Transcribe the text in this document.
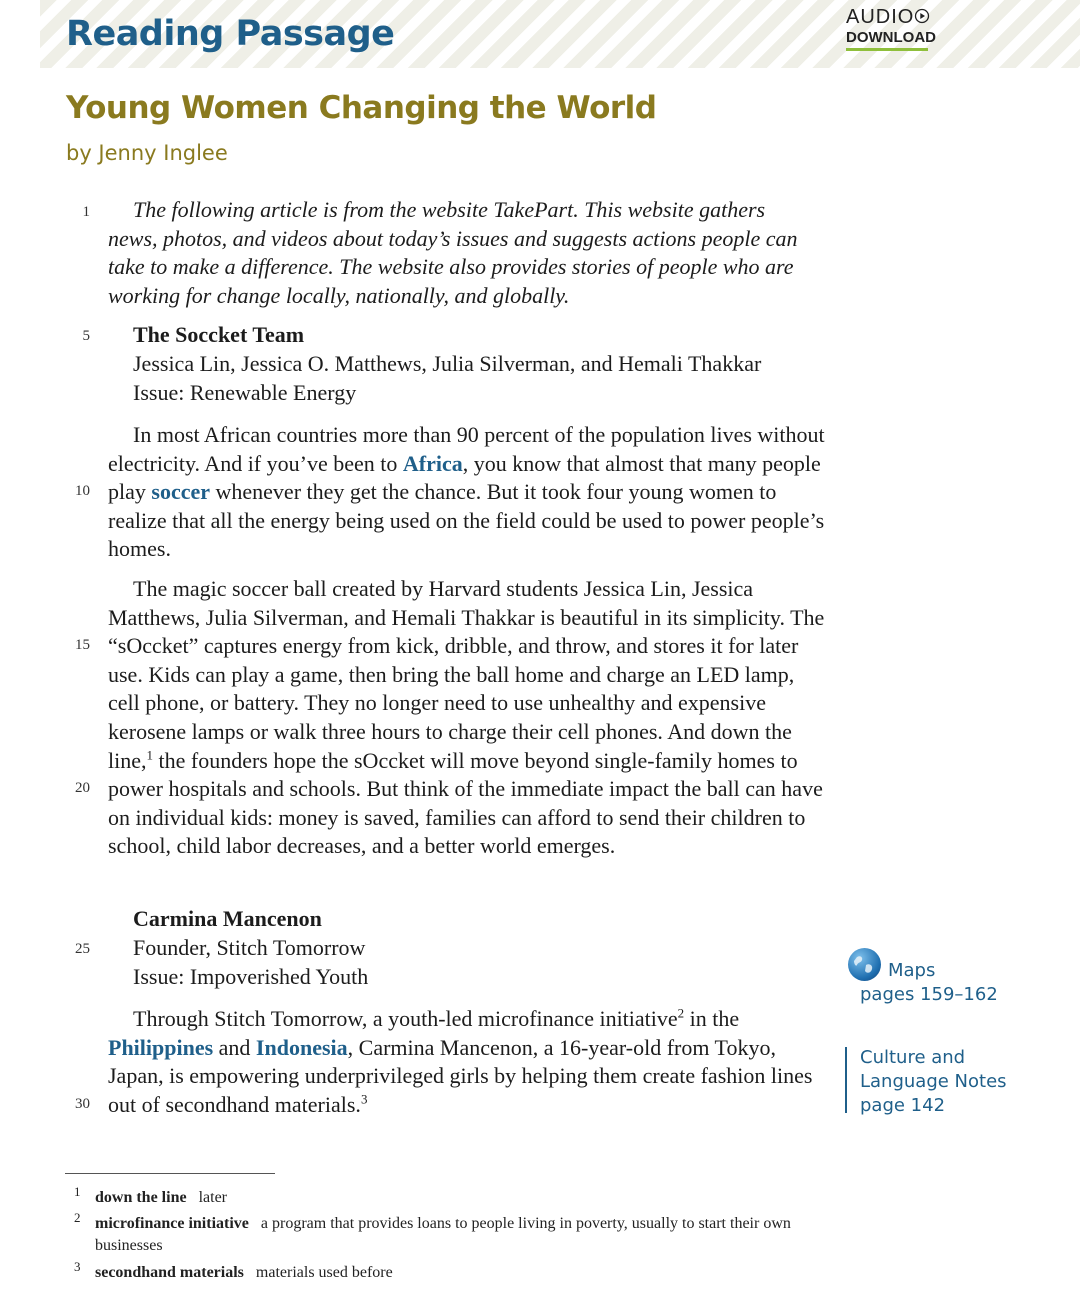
Reading Passage	AUDIO
DOWNLOAD
Young Women Changing the World
by Jenny Inglee
1
5
10
15
20
25
30

The following article is from the website TakePart. This website gathers news, photos, and videos about today’s issues and suggests actions people can take to make a difference. The website also provides stories of people who are working for change locally, nationally, and globally.

The Soccket Team

Jessica Lin, Jessica O. Matthews, Julia Silverman, and Hemali Thakkar

Issue: Renewable Energy

In most African countries more than 90 percent of the population lives without electricity. And if you’ve been to Africa, you know that almost that many people play soccer whenever they get the chance. But it took four young women to realize that all the energy being used on the field could be used to power people’s homes.

The magic soccer ball created by Harvard students Jessica Lin, Jessica Matthews, Julia Silverman, and Hemali Thakkar is beautiful in its simplicity. The “sOccket” captures energy from kick, dribble, and throw, and stores it for later use. Kids can play a game, then bring the ball home and charge an LED lamp, cell phone, or battery. They no longer need to use unhealthy and expensive kerosene lamps or walk three hours to charge their cell phones. And down the line,$^1$ the founders hope the sOccket will move beyond single-family homes to power hospitals and schools. But think of the immediate impact the ball can have on individual kids: money is saved, families can afford to send their children to school, child labor decreases, and a better world emerges.

Carmina Mancenon

Founder, Stitch Tomorrow

Issue: Impoverished Youth

Through Stitch Tomorrow, a youth-led microfinance initiative$^2$ in the Philippines and Indonesia, Carmina Mancenon, a 16-year-old from Tokyo, Japan, is empowering underprivileged girls by helping them create fashion lines out of secondhand materials.$^3$

Maps
pages 159–162
Culture and
Language Notes
page 142
1 down the line later
2 microfinance initiative a program that provides loans to people living in poverty, usually to start their own businesses
3 secondhand materials materials used before
